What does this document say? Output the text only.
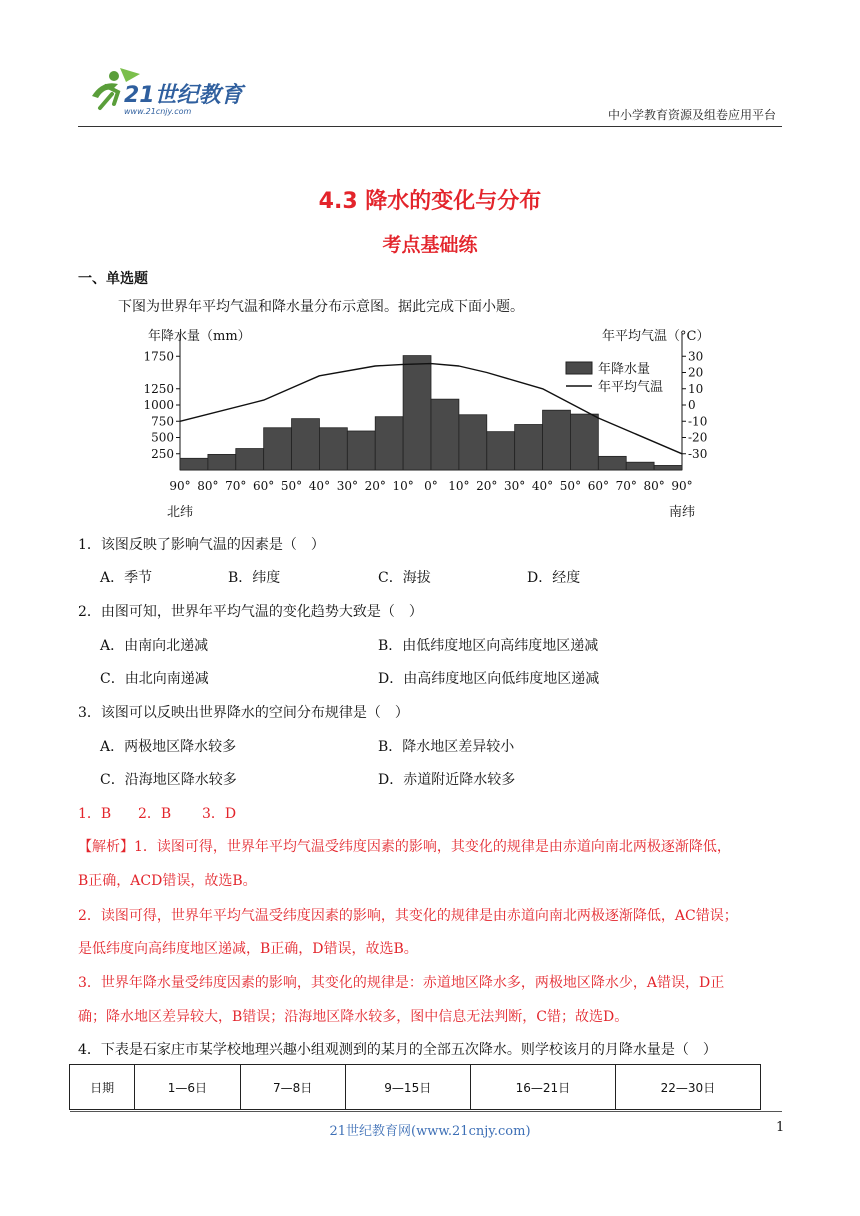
21世纪教育
www.21cnjy.com	中小学教育资源及组卷应用平台
4.3 降水的变化与分布
考点基础练
一、单选题
下图为世界年平均气温和降水量分布示意图。据此完成下面小题。
年降水量（mm）	年平均气温（°C）
1750
1250
1000
750
500
250
30
20
10
0
-10
-20
-30
90° 80° 70° 60° 50° 40° 30° 20° 10° 0° 10° 20° 30° 40° 50° 60° 70° 80° 90°
北纬	南纬
年降水量
年平均气温
1．该图反映了影响气温的因素是（　）
A．季节	B．纬度	C．海拔	D．经度
2．由图可知，世界年平均气温的变化趋势大致是（　）
A．由南向北递减	B．由低纬度地区向高纬度地区递减
C．由北向南递减	D．由高纬度地区向低纬度地区递减
3．该图可以反映出世界降水的空间分布规律是（　）
A．两极地区降水较多	B．降水地区差异较小
C．沿海地区降水较多	D．赤道附近降水较多
1．B 2．B 3．D
【解析】1．读图可得，世界年平均气温受纬度因素的影响，其变化的规律是由赤道向南北两极逐渐降低，
B正确，ACD错误，故选B。
2．读图可得，世界年平均气温受纬度因素的影响，其变化的规律是由赤道向南北两极逐渐降低，AC错误；
是低纬度向高纬度地区递减，B正确，D错误，故选B。
3．世界年降水量受纬度因素的影响，其变化的规律是：赤道地区降水多，两极地区降水少，A错误，D正
确；降水地区差异较大，B错误；沿海地区降水较多，图中信息无法判断，C错；故选D。
4．下表是石家庄市某学校地理兴趣小组观测到的某月的全部五次降水。则学校该月的月降水量是（　）
日期	1—6日	7—8日	9—15日	16—21日	22—30日
21世纪教育网(www.21cnjy.com)	1
